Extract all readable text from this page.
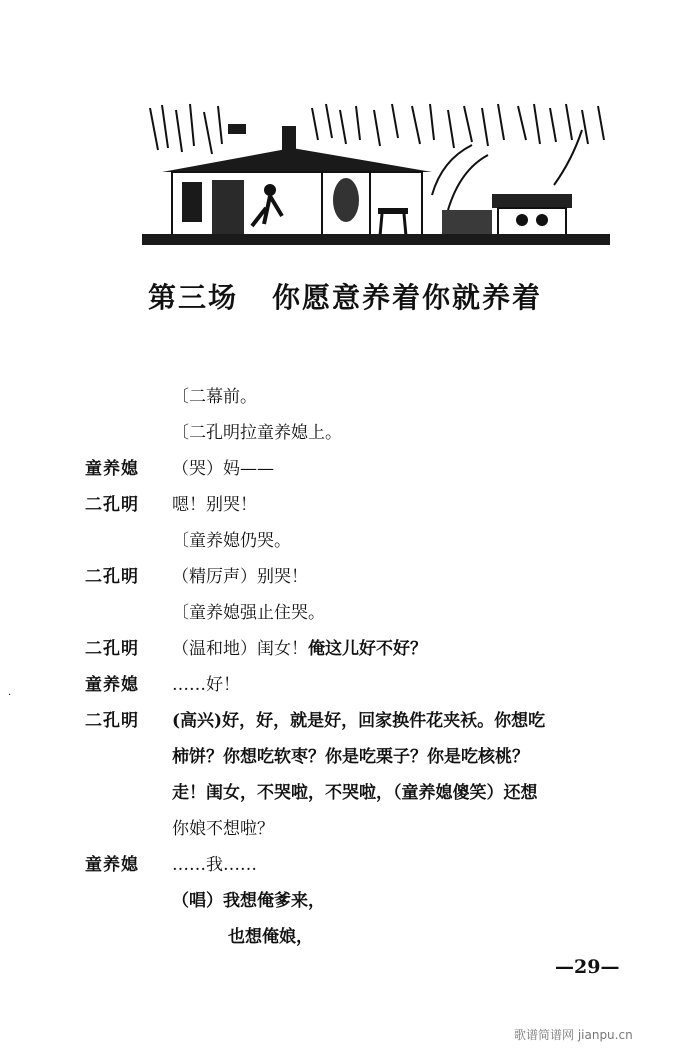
第三场 你愿意养着你就养着
〔二幕前。
〔二孔明拉童养媳上。
童养媳 （哭）妈——
二孔明 嗯！别哭！
〔童养媳仍哭。
二孔明 （精厉声）别哭！
〔童养媳强止住哭。
二孔明 （温和地）闺女！俺这儿好不好？
童养媳 ……好！
二孔明 (高兴)好，好，就是好，回家换件花夹袄。你想吃
柿饼？你想吃软枣？你是吃栗子？你是吃核桃？
走！闺女，不哭啦，不哭啦，（童养媳傻笑）还想
你娘不想啦？
童养媳 ……我……
（唱）我想俺爹来，
也想俺娘，
—29—
歌谱简谱网 jianpu.cn
·
